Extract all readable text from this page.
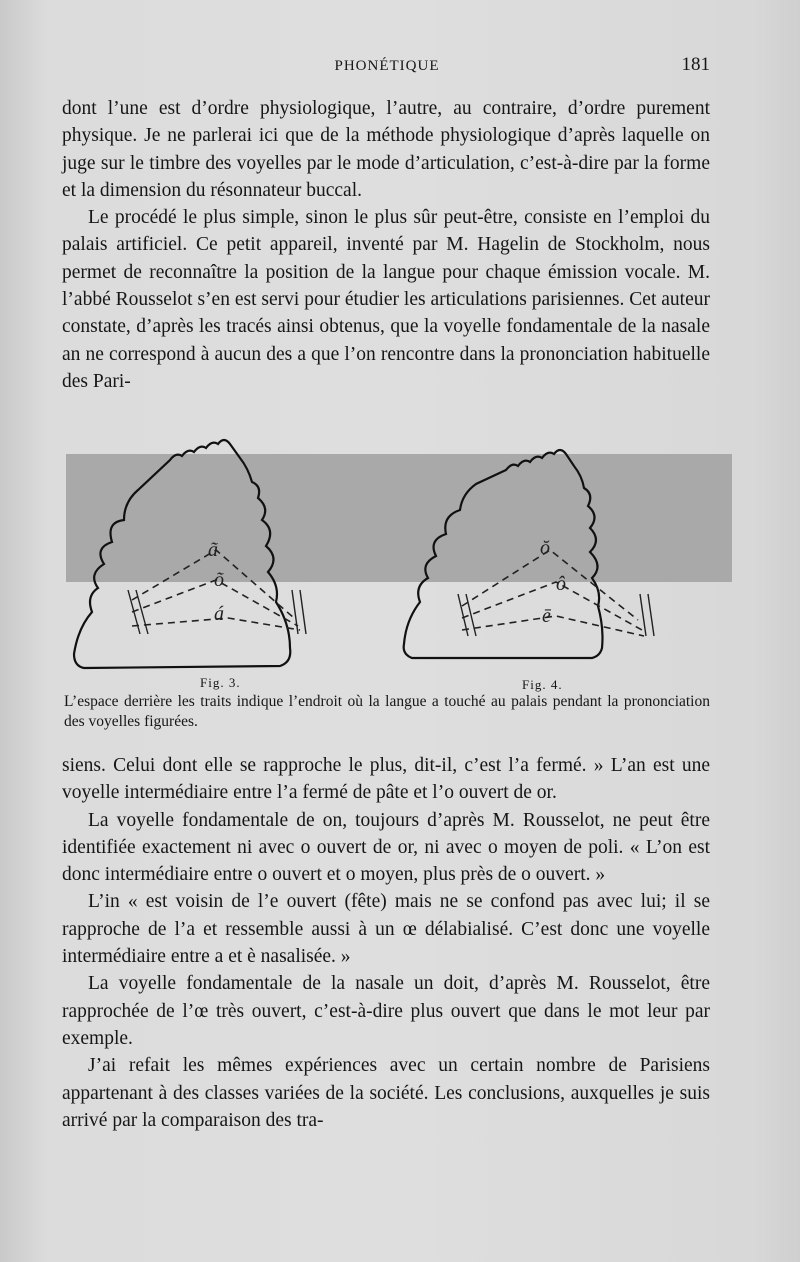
PHONÉTIQUE	181

dont l’une est d’ordre physiologique, l’autre, au contraire, d’ordre purement physique. Je ne parlerai ici que de la méthode physiologique d’après laquelle on juge sur le timbre des voyelles par le mode d’articulation, c’est-à-dire par la forme et la dimension du résonnateur buccal.

Le procédé le plus simple, sinon le plus sûr peut-être, consiste en l’emploi du palais artificiel. Ce petit appareil, inventé par M. Hagelin de Stockholm, nous permet de reconnaître la position de la langue pour chaque émission vocale. M. l’abbé Rousselot s’en est servi pour étudier les articulations parisiennes. Cet auteur constate, d’après les tracés ainsi obtenus, que la voyelle fondamentale de la nasale an ne correspond à aucun des a que l’on rencontre dans la prononciation habituelle des Pari-

ã
õ
á
ŏ
ô
ē
Fig. 3.	Fig. 4.
L’espace derrière les traits indique l’endroit où la langue a touché au palais pendant la prononciation des voyelles figurées.

siens. Celui dont elle se rapproche le plus, dit-il, c’est l’a fermé. » L’an est une voyelle intermédiaire entre l’a fermé de pâte et l’o ouvert de or.

La voyelle fondamentale de on, toujours d’après M. Rousselot, ne peut être identifiée exactement ni avec o ouvert de or, ni avec o moyen de poli. « L’on est donc intermédiaire entre o ouvert et o moyen, plus près de o ouvert. »

L’in « est voisin de l’e ouvert (fête) mais ne se confond pas avec lui; il se rapproche de l’a et ressemble aussi à un œ délabialisé. C’est donc une voyelle intermédiaire entre a et è nasalisée. »

La voyelle fondamentale de la nasale un doit, d’après M. Rousselot, être rapprochée de l’œ très ouvert, c’est-à-dire plus ouvert que dans le mot leur par exemple.

J’ai refait les mêmes expériences avec un certain nombre de Parisiens appartenant à des classes variées de la société. Les conclusions, auxquelles je suis arrivé par la comparaison des tra-
